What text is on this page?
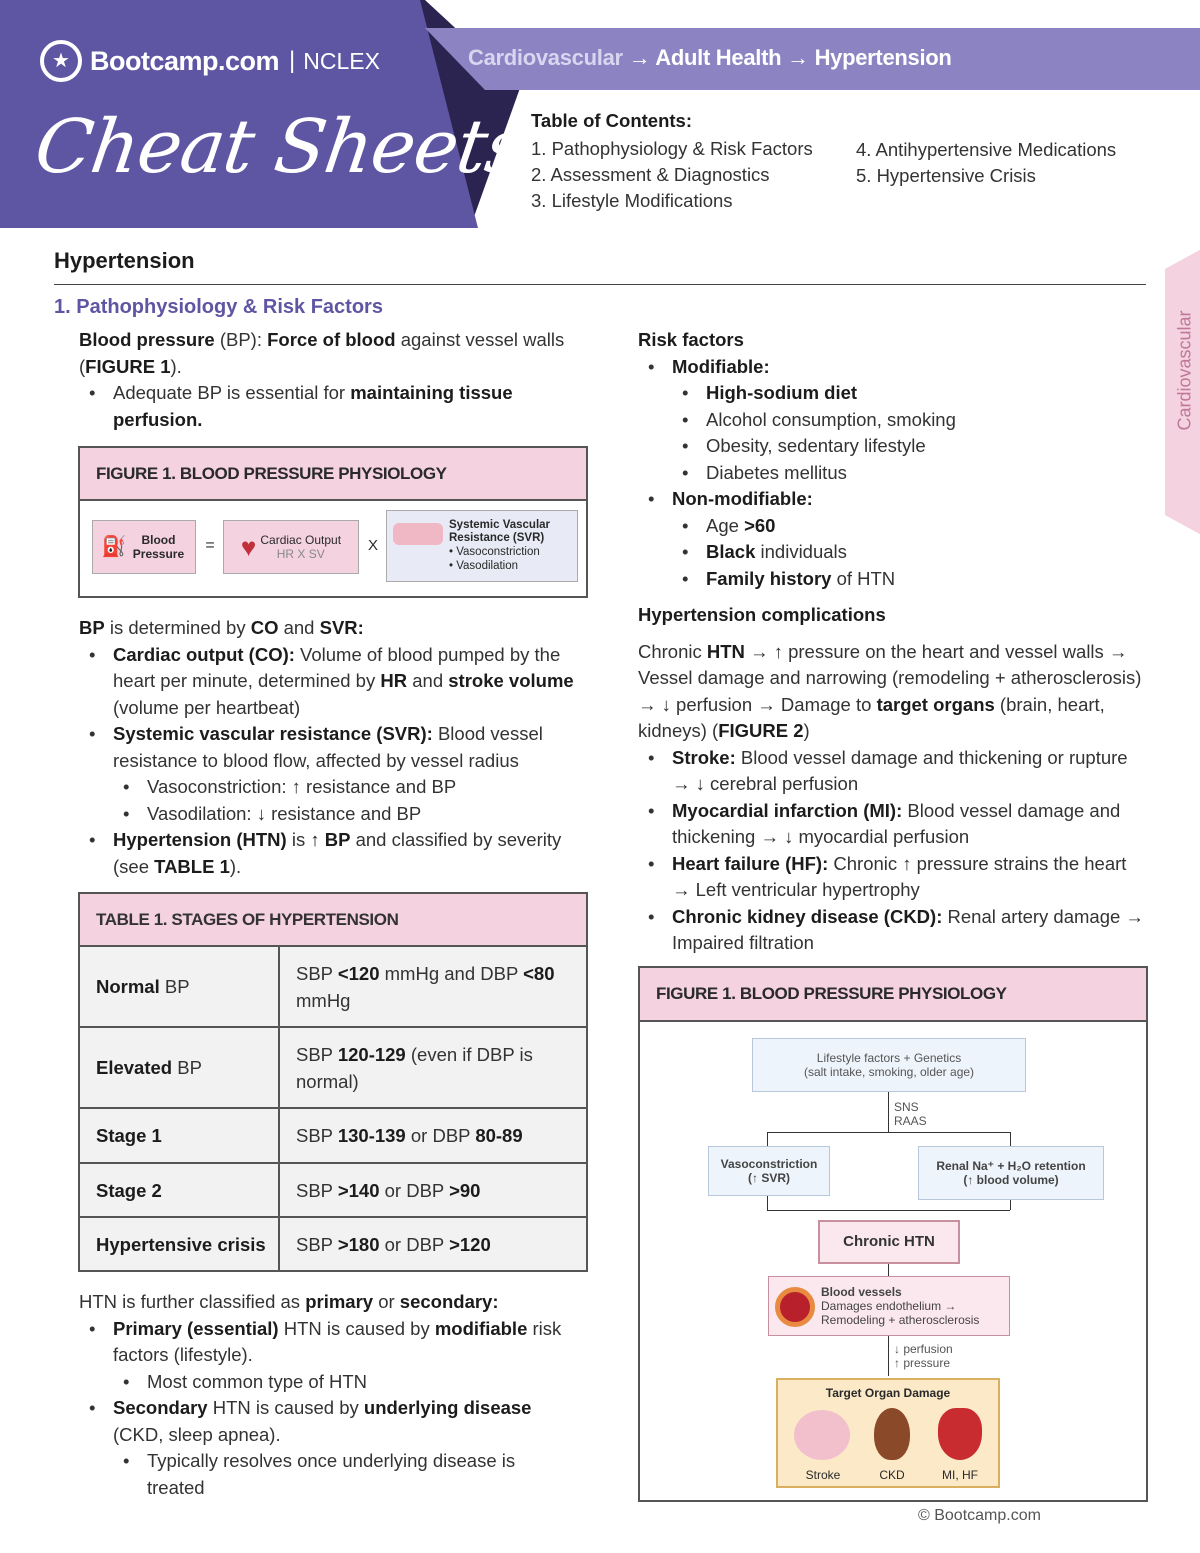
★ Bootcamp.com | NCLEX
Cheat Sheets
Cardiovascular → Adult Health → Hypertension
Table of Contents:
1. Pathophysiology & Risk Factors
2. Assessment & Diagnostics
3. Lifestyle Modifications
4. Antihypertensive Medications
5. Hypertensive Crisis
Cardiovascular
Hypertension
1. Pathophysiology & Risk Factors

Blood pressure (BP): Force of blood against vessel walls (FIGURE 1).

• Adequate BP is essential for maintaining tissue perfusion.
FIGURE 1. BLOOD PRESSURE PHYSIOLOGY
⛽	Blood Pressure	= ♥ Cardiac Output
HR X SV	X
Systemic Vascular Resistance (SVR)
• Vasoconstriction
• Vasodilation

BP is determined by CO and SVR:

• Cardiac output (CO): Volume of blood pumped by the heart per minute, determined by HR and stroke volume (volume per heartbeat)
• Systemic vascular resistance (SVR): Blood vessel resistance to blood flow, affected by vessel radius
• Vasoconstriction: ↑ resistance and BP
• Vasodilation: ↓ resistance and BP
• Hypertension (HTN) is ↑ BP and classified by severity (see TABLE 1).
TABLE 1. STAGES OF HYPERTENSION	
Normal BP	SBP <120 mmHg and DBP <80 mmHg
Elevated BP	SBP 120-129 (even if DBP is normal)
Stage 1	SBP 130-139 or DBP 80-89
Stage 2	SBP >140 or DBP >90
Hypertensive crisis	SBP >180 or DBP >120

HTN is further classified as primary or secondary:

• Primary (essential) HTN is caused by modifiable risk factors (lifestyle).
• Most common type of HTN
• Secondary HTN is caused by underlying disease (CKD, sleep apnea).
• Typically resolves once underlying disease is treated

Risk factors

• Modifiable:
• High-sodium diet
• Alcohol consumption, smoking
• Obesity, sedentary lifestyle
• Diabetes mellitus
• Non-modifiable:
• Age >60
• Black individuals
• Family history of HTN

Hypertension complications

Chronic HTN → ↑ pressure on the heart and vessel walls → Vessel damage and narrowing (remodeling + atherosclerosis) → ↓ perfusion → Damage to target organs (brain, heart, kidneys) (FIGURE 2)

• Stroke: Blood vessel damage and thickening or rupture → ↓ cerebral perfusion
• Myocardial infarction (MI): Blood vessel damage and thickening → ↓ myocardial perfusion
• Heart failure (HF): Chronic ↑ pressure strains the heart → Left ventricular hypertrophy
• Chronic kidney disease (CKD): Renal artery damage → Impaired filtration
FIGURE 1. BLOOD PRESSURE PHYSIOLOGY
Lifestyle factors + Genetics
(salt intake, smoking, older age)
SNS
RAAS
Vasoconstriction
(↑ SVR)
Renal Na⁺ + H₂O retention
(↑ blood volume)
Chronic HTN
Blood vessels
Damages endothelium →
Remodeling + atherosclerosis
↓ perfusion
↑ pressure
Target Organ Damage
Stroke	CKD	MI, HF
© Bootcamp.com
